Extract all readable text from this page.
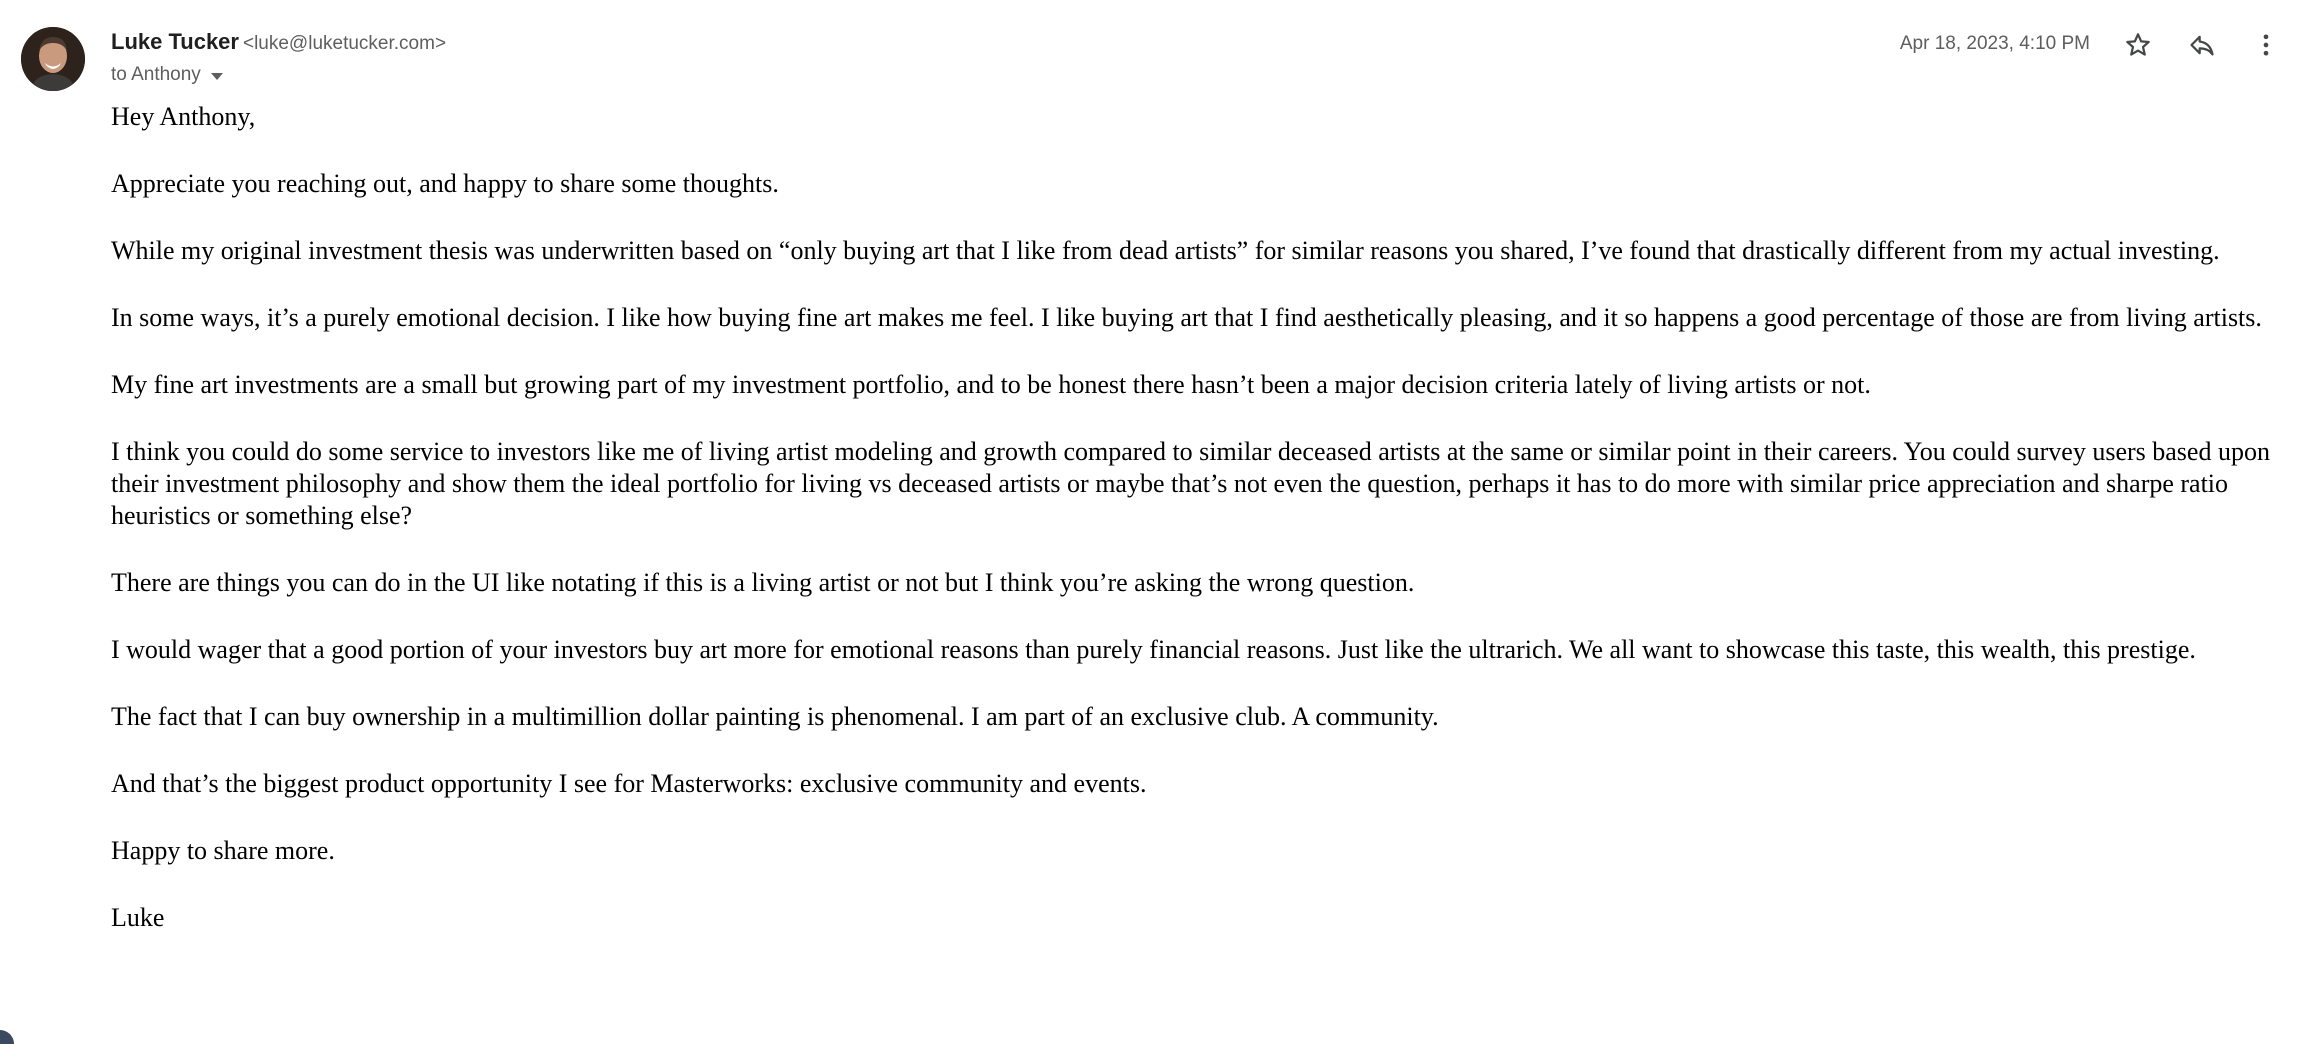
Luke Tucker <luke@luketucker.com>
to Anthony
Apr 18, 2023, 4:10 PM

Hey Anthony,

Appreciate you reaching out, and happy to share some thoughts.

While my original investment thesis was underwritten based on “only buying art that I like from dead artists” for similar reasons you shared, I’ve found that drastically different from my actual investing.

In some ways, it’s a purely emotional decision. I like how buying fine art makes me feel. I like buying art that I find aesthetically pleasing, and it so happens a good percentage of those are from living artists.

My fine art investments are a small but growing part of my investment portfolio, and to be honest there hasn’t been a major decision criteria lately of living artists or not.

I think you could do some service to investors like me of living artist modeling and growth compared to similar deceased artists at the same or similar point in their careers. You could survey users based upon their investment philosophy and show them the ideal portfolio for living vs deceased artists or maybe that’s not even the question, perhaps it has to do more with similar price appreciation and sharpe ratio heuristics or something else?

There are things you can do in the UI like notating if this is a living artist or not but I think you’re asking the wrong question.

I would wager that a good portion of your investors buy art more for emotional reasons than purely financial reasons. Just like the ultrarich. We all want to showcase this taste, this wealth, this prestige.

The fact that I can buy ownership in a multimillion dollar painting is phenomenal. I am part of an exclusive club. A community.

And that’s the biggest product opportunity I see for Masterworks: exclusive community and events.

Happy to share more.

Luke
